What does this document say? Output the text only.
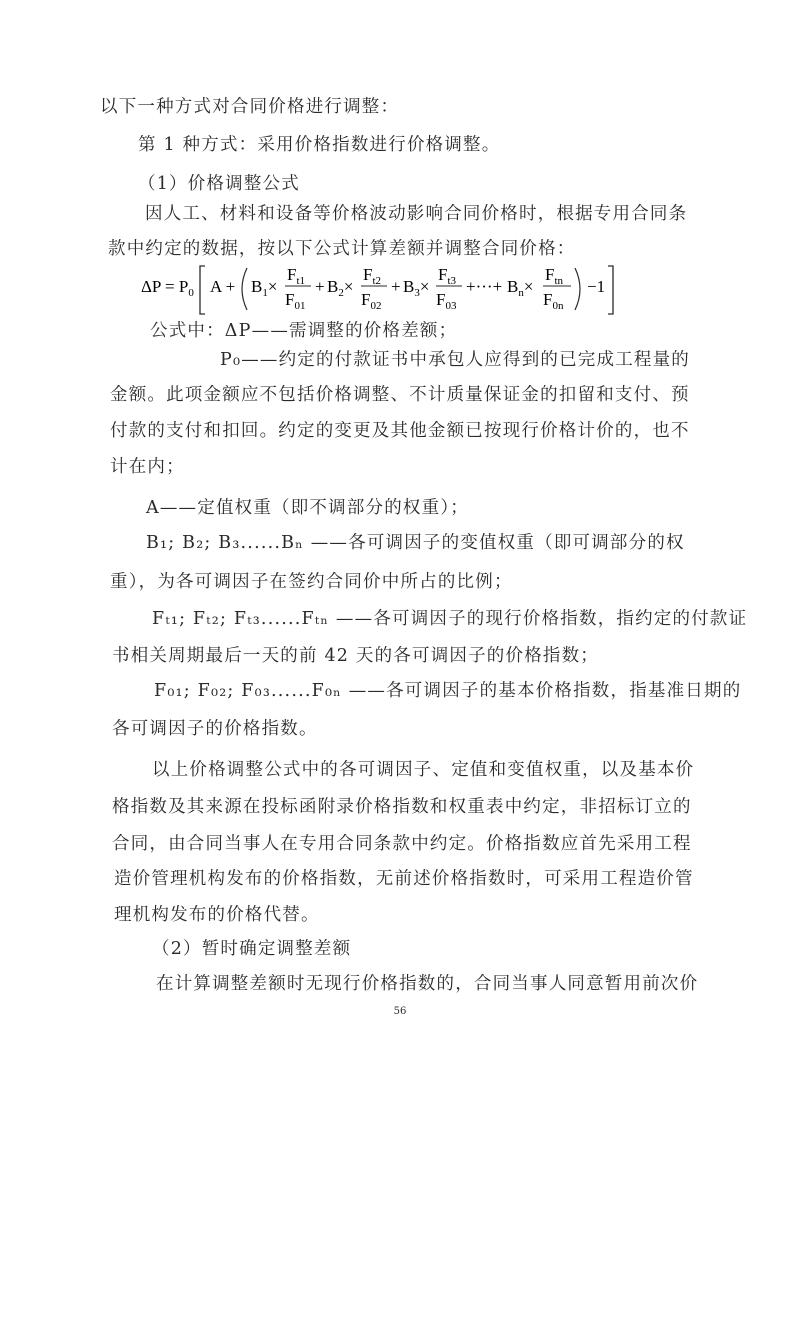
以下一种方式对合同价格进行调整：
第 1 种方式：采用价格指数进行价格调整。
（1）价格调整公式
因人工、材料和设备等价格波动影响合同价格时，根据专用合同条
款中约定的数据，按以下公式计算差额并调整合同价格：
$\Delta P = P_0$ $A + B_1\times$
$F_{t1}$
$F_{01}$
+ $B_2\times$
$F_{t2}$
$F_{02}$
+ $B_3\times$
$F_{t3}$
$F_{03}$
+···+ $B_n\times$
$F_{tn}$
$F_{0n}$
−1
公式中：ΔP——需调整的价格差额；
P₀——约定的付款证书中承包人应得到的已完成工程量的
金额。此项金额应不包括价格调整、不计质量保证金的扣留和支付、预
付款的支付和扣回。约定的变更及其他金额已按现行价格计价的，也不
计在内；
A——定值权重（即不调部分的权重）；
B₁; B₂; B₃......Bₙ ——各可调因子的变值权重（即可调部分的权
重），为各可调因子在签约合同价中所占的比例；
Fₜ₁; Fₜ₂; Fₜ₃......Fₜₙ ——各可调因子的现行价格指数，指约定的付款证
书相关周期最后一天的前 42 天的各可调因子的价格指数；
F₀₁; F₀₂; F₀₃......F₀ₙ ——各可调因子的基本价格指数，指基准日期的
各可调因子的价格指数。
以上价格调整公式中的各可调因子、定值和变值权重，以及基本价
格指数及其来源在投标函附录价格指数和权重表中约定，非招标订立的
合同，由合同当事人在专用合同条款中约定。价格指数应首先采用工程
造价管理机构发布的价格指数，无前述价格指数时，可采用工程造价管
理机构发布的价格代替。
（2）暂时确定调整差额
在计算调整差额时无现行价格指数的，合同当事人同意暂用前次价
56
